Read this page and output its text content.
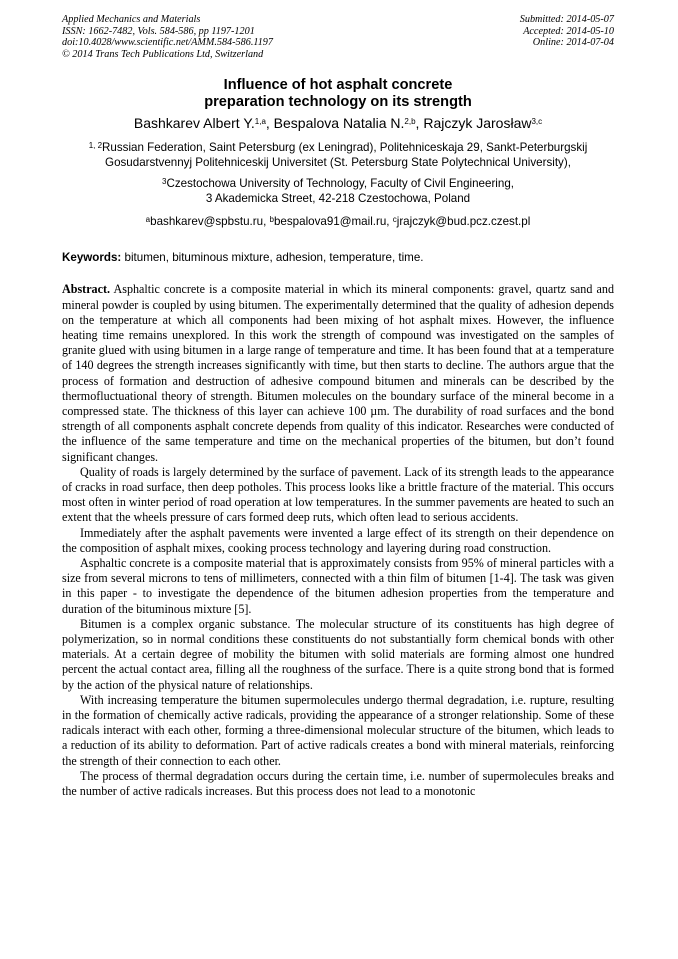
Applied Mechanics and Materials
ISSN: 1662-7482, Vols. 584-586, pp 1197-1201
doi:10.4028/www.scientific.net/AMM.584-586.1197
© 2014 Trans Tech Publications Ltd, Switzerland
Submitted: 2014-05-07
Accepted: 2014-05-10
Online: 2014-07-04
Influence of hot asphalt concrete
preparation technology on its strength
Bashkarev Albert Y.$^{1,a}$, Bespalova Natalia N.$^{2,b}$, Rajczyk Jarosław$^{3,c}$
$^{1, 2}$Russian Federation, Saint Petersburg (ex Leningrad), Politehniceskaja 29, Sankt-Peterburgskij
Gosudarstvennyj Politehniceskij Universitet (St. Petersburg State Polytechnical University),
$^3$Czestochowa University of Technology, Faculty of Civil Engineering,
3 Akademicka Street, 42-218 Czestochowa, Poland
$^a$bashkarev@spbstu.ru, $^b$bespalova91@mail.ru, $^c$jrajczyk@bud.pcz.czest.pl
Keywords: bitumen, bituminous mixture, adhesion, temperature, time.

Abstract. Asphaltic concrete is a composite material in which its mineral components: gravel, quartz sand and mineral powder is coupled by using bitumen. The experimentally determined that the quality of adhesion depends on the temperature at which all components had been mixing of hot asphalt mixes. However, the influence heating time remains unexplored. In this work the strength of compound was investigated on the samples of granite glued with using bitumen in a large range of temperature and time. It has been found that at a temperature of 140 degrees the strength increases significantly with time, but then starts to decline. The authors argue that the process of formation and destruction of adhesive compound bitumen and minerals can be described by the thermofluctuational theory of strength. Bitumen molecules on the boundary surface of the mineral become in a compressed state. The thickness of this layer can achieve 100 µm. The durability of road surfaces and the bond strength of all components asphalt concrete depends from quality of this indicator. Researches were conducted of the influence of the same temperature and time on the mechanical properties of the bitumen, but don’t found significant changes.

Quality of roads is largely determined by the surface of pavement. Lack of its strength leads to the appearance of cracks in road surface, then deep potholes. This process looks like a brittle fracture of the material. This occurs most often in winter period of road operation at low temperatures. In the summer pavements are heated to such an extent that the wheels pressure of cars formed deep ruts, which often lead to serious accidents.

Immediately after the asphalt pavements were invented a large effect of its strength on their dependence on the composition of asphalt mixes, cooking process technology and layering during road construction.

Asphaltic concrete is a composite material that is approximately consists from 95% of mineral particles with a size from several microns to tens of millimeters, connected with a thin film of bitumen [1-4]. The task was given in this paper - to investigate the dependence of the bitumen adhesion properties from the temperature and duration of the bituminous mixture [5].

Bitumen is a complex organic substance. The molecular structure of its constituents has high degree of polymerization, so in normal conditions these constituents do not substantially form chemical bonds with other materials. At a certain degree of mobility the bitumen with solid materials are forming almost one hundred percent the actual contact area, filling all the roughness of the surface. There is a quite strong bond that is formed by the action of the physical nature of relationships.

With increasing temperature the bitumen supermolecules undergo thermal degradation, i.e. rupture, resulting in the formation of chemically active radicals, providing the appearance of a stronger relationship. Some of these radicals interact with each other, forming a three-dimensional molecular structure of the bitumen, which leads to a reduction of its ability to deformation. Part of active radicals creates a bond with mineral materials, reinforcing the strength of their connection to each other.

The process of thermal degradation occurs during the certain time, i.e. number of supermolecules breaks and the number of active radicals increases. But this process does not lead to a monotonic
